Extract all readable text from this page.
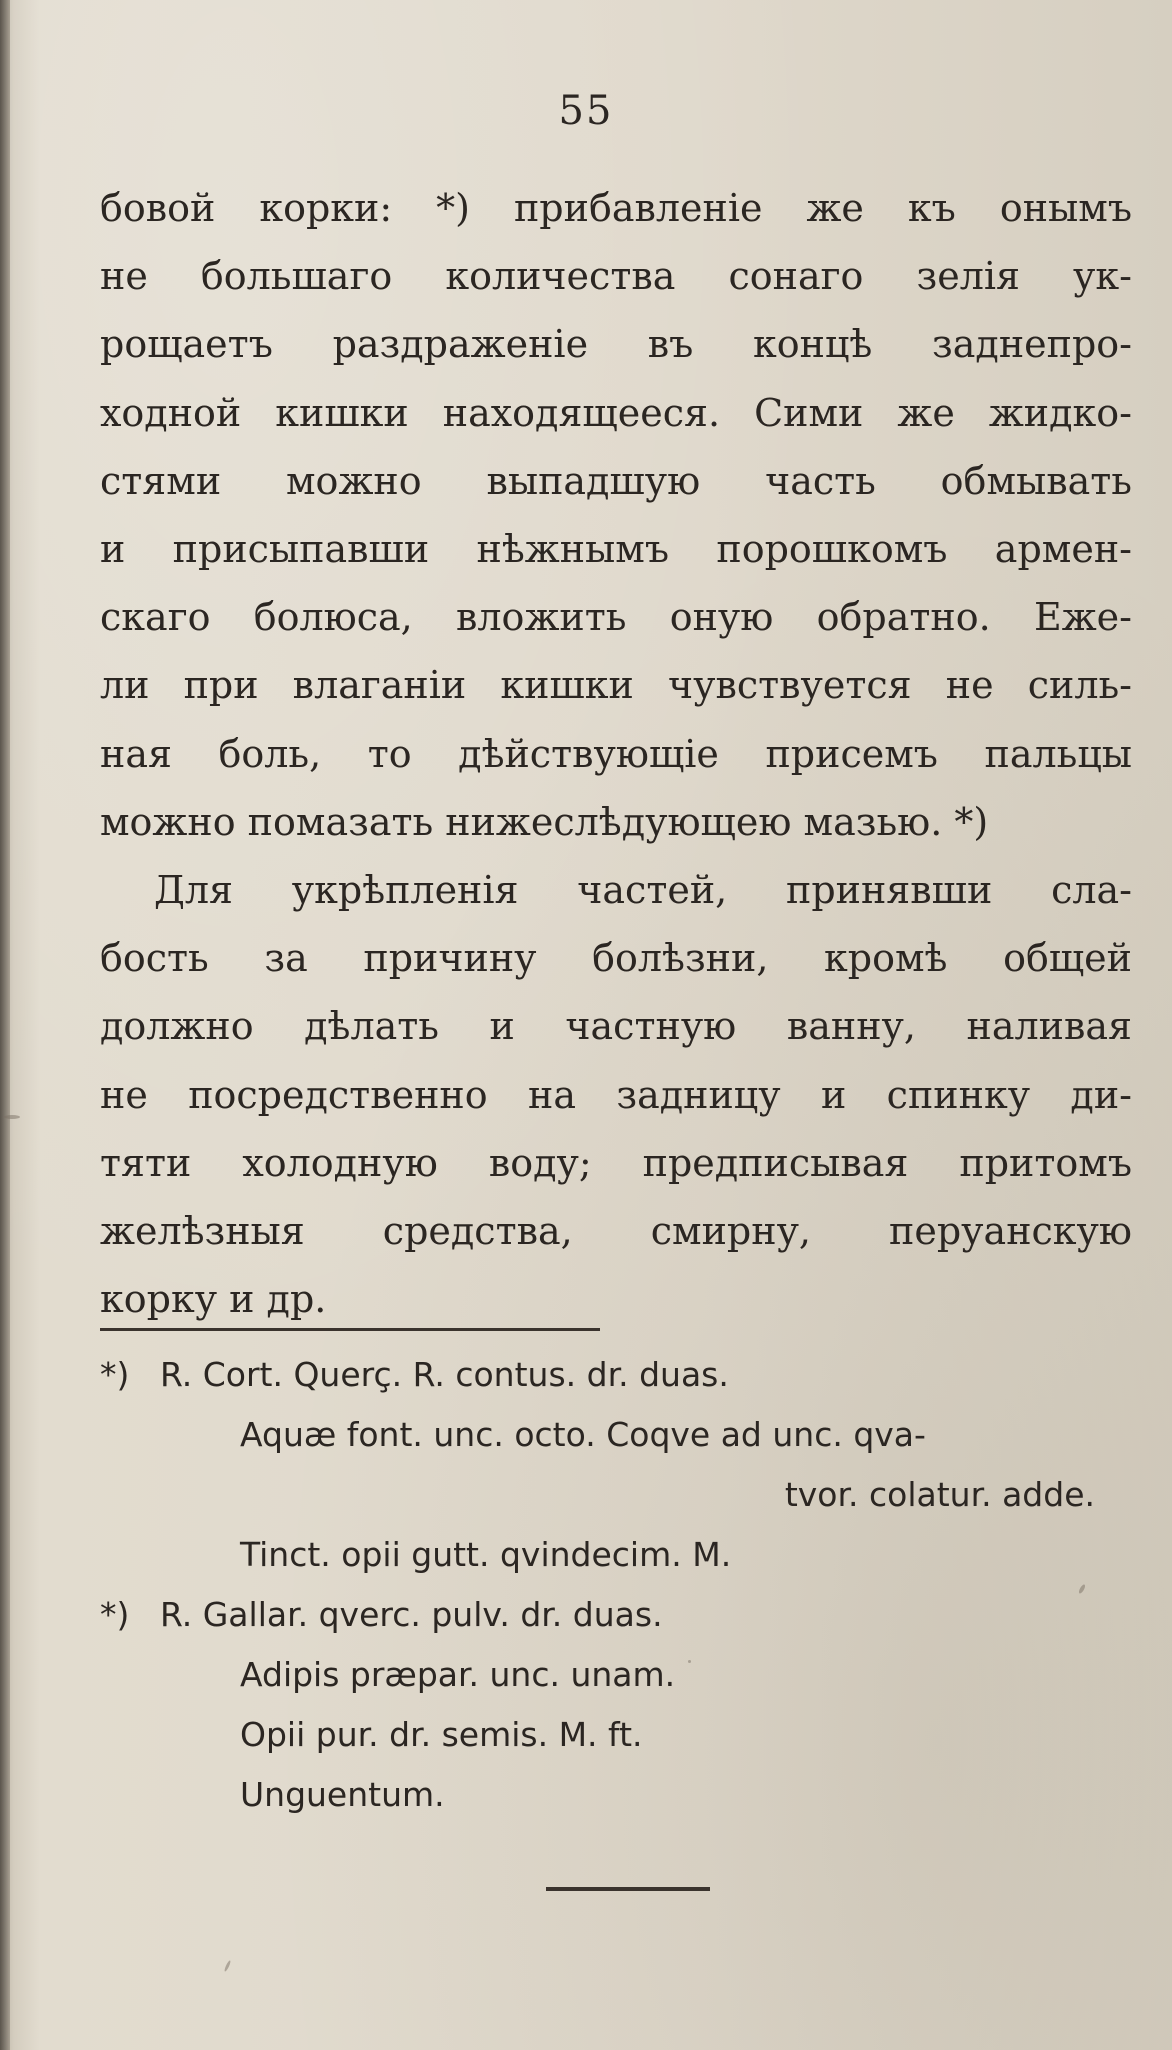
55
бовой корки: *) прибавленіе же къ онымъ
не большаго количества сонаго зелія ук-
рощаетъ раздраженіе въ концѣ заднепро-
ходной кишки находящееся. Сими же жидко-
стями можно выпадшую часть обмывать
и присыпавши нѣжнымъ порошкомъ армен-
скаго болюса, вложить оную обратно. Еже-
ли при влаганіи кишки чувствуется не силь-
ная боль, то дѣйствующіе присемъ пальцы
можно помазать нижеслѣдующею мазью. *)
Для укрѣпленія частей, принявши сла-
бость за причину болѣзни, кромѣ общей
должно дѣлать и частную ванну, наливая
не посредственно на задницу и спинку ди-
тяти холодную воду; предписывая притомъ
желѣзныя средства, смирну, перуанскую
корку и др.
*) R. Cort. Querç. R. contus. dr. duas.
Aquæ font. unc. octo. Coqve ad unc. qva-
tvor. colatur. adde.
Tinct. opii gutt. qvindecim. M.
*) R. Gallar. qverc. pulv. dr. duas.
Adipis præpar. unc. unam.
Opii pur. dr. semis. M. ft.
Unguentum.
